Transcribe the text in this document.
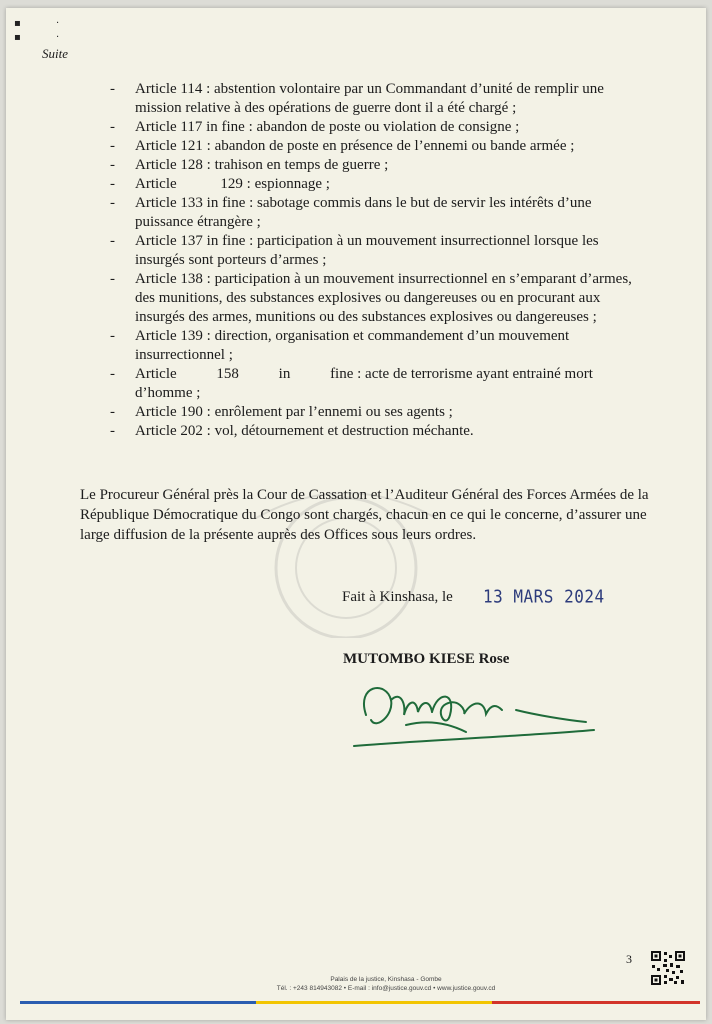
▪
▪
·
·
Suite

- Article 114 : abstention volontaire par un Commandant d’unité de remplir une mission relative à des opérations de guerre dont il a été chargé ;

- Article 117 in fine : abandon de poste ou violation de consigne ;

- Article 121 : abandon de poste en présence de l’ennemi ou bande armée ;

- Article 128 : trahison en temps de guerre ;

- Article 129 : espionnage ;

- Article 133 in fine : sabotage commis dans le but de servir les intérêts d’une puissance étrangère ;

- Article 137 in fine : participation à un mouvement insurrectionnel lorsque les insurgés sont porteurs d’armes ;

- Article 138 : participation à un mouvement insurrectionnel en s’emparant d’armes, des munitions, des substances explosives ou dangereuses ou en procurant aux insurgés des armes, munitions ou des substances explosives ou dangereuses ;

- Article 139 : direction, organisation et commandement d’un mouvement insurrectionnel ;

- Article 158 in fine : acte de terrorisme ayant entrainé mort d’homme ;

- Article 190 : enrôlement par l’ennemi ou ses agents ;

- Article 202 : vol, détournement et destruction méchante.

Le Procureur Général près la Cour de Cassation et l’Auditeur Général des Forces Armées de la République Démocratique du Congo sont chargés, chacun en ce qui le concerne, d’assurer une large diffusion de la présente auprès des Offices sous leurs ordres.
Fait à Kinshasa, le 13 MARS 2024
MUTOMBO KIESE Rose
3
Palais de la justice, Kinshasa - Gombe
Tél. : +243 814943082 • E-mail : info@justice.gouv.cd • www.justice.gouv.cd
